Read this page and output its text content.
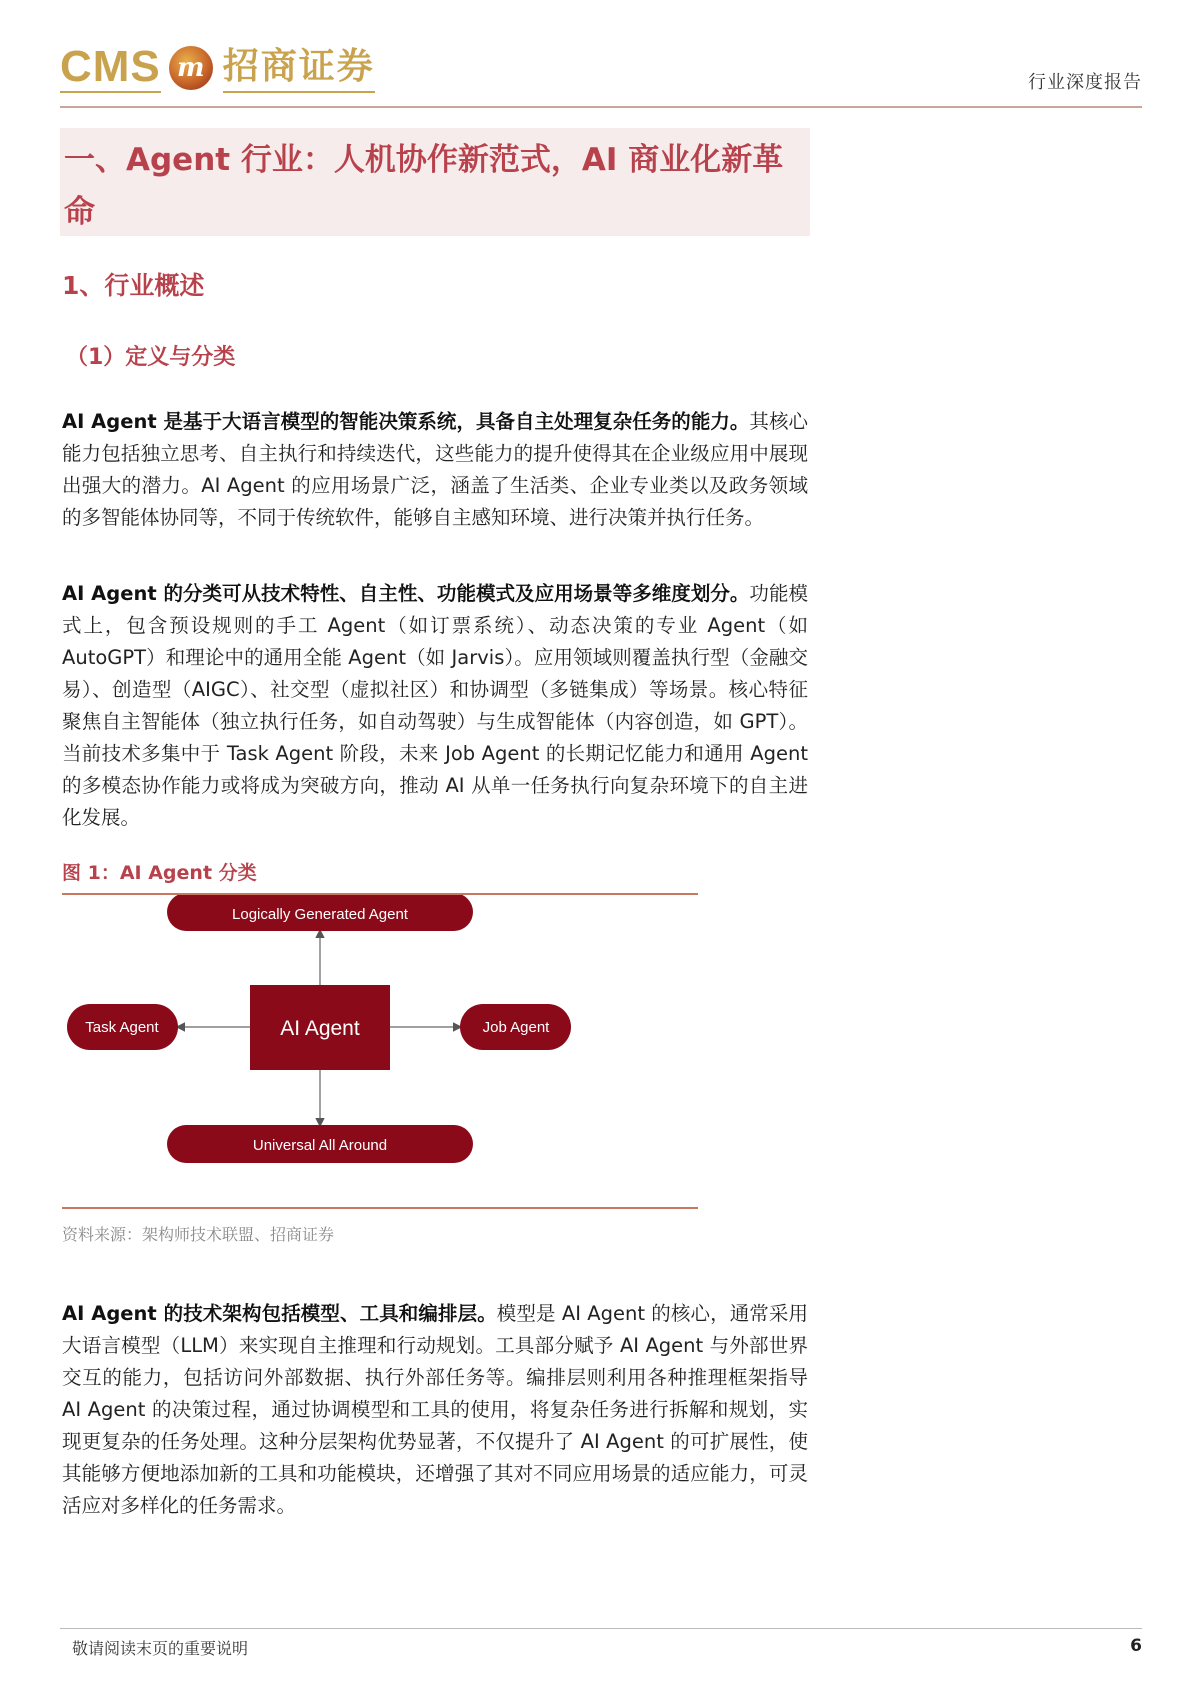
CMS m 招商证券	行业深度报告
一、Agent 行业：人机协作新范式，AI 商业化新革命
1、行业概述
（1）定义与分类
AI Agent 是基于大语言模型的智能决策系统，具备自主处理复杂任务的能力。其核心能力包括独立思考、自主执行和持续迭代，这些能力的提升使得其在企业级应用中展现出强大的潜力。AI Agent 的应用场景广泛，涵盖了生活类、企业专业类以及政务领域的多智能体协同等，不同于传统软件，能够自主感知环境、进行决策并执行任务。
AI Agent 的分类可从技术特性、自主性、功能模式及应用场景等多维度划分。功能模式上，包含预设规则的手工 Agent（如订票系统）、动态决策的专业 Agent（如 AutoGPT）和理论中的通用全能 Agent（如 Jarvis）。应用领域则覆盖执行型（金融交易）、创造型（AIGC）、社交型（虚拟社区）和协调型（多链集成）等场景。核心特征聚焦自主智能体（独立执行任务，如自动驾驶）与生成智能体（内容创造，如 GPT）。当前技术多集中于 Task Agent 阶段，未来 Job Agent 的长期记忆能力和通用 Agent 的多模态协作能力或将成为突破方向，推动 AI 从单一任务执行向复杂环境下的自主进化发展。
图 1：AI Agent 分类
Logically Generated Agent
AI Agent
Task Agent	Job Agent
Universal All Around
资料来源：架构师技术联盟、招商证券
AI Agent 的技术架构包括模型、工具和编排层。模型是 AI Agent 的核心，通常采用大语言模型（LLM）来实现自主推理和行动规划。工具部分赋予 AI Agent 与外部世界交互的能力，包括访问外部数据、执行外部任务等。编排层则利用各种推理框架指导 AI Agent 的决策过程，通过协调模型和工具的使用，将复杂任务进行拆解和规划，实现更复杂的任务处理。这种分层架构优势显著，不仅提升了 AI Agent 的可扩展性，使其能够方便地添加新的工具和功能模块，还增强了其对不同应用场景的适应能力，可灵活应对多样化的任务需求。
敬请阅读末页的重要说明	6
